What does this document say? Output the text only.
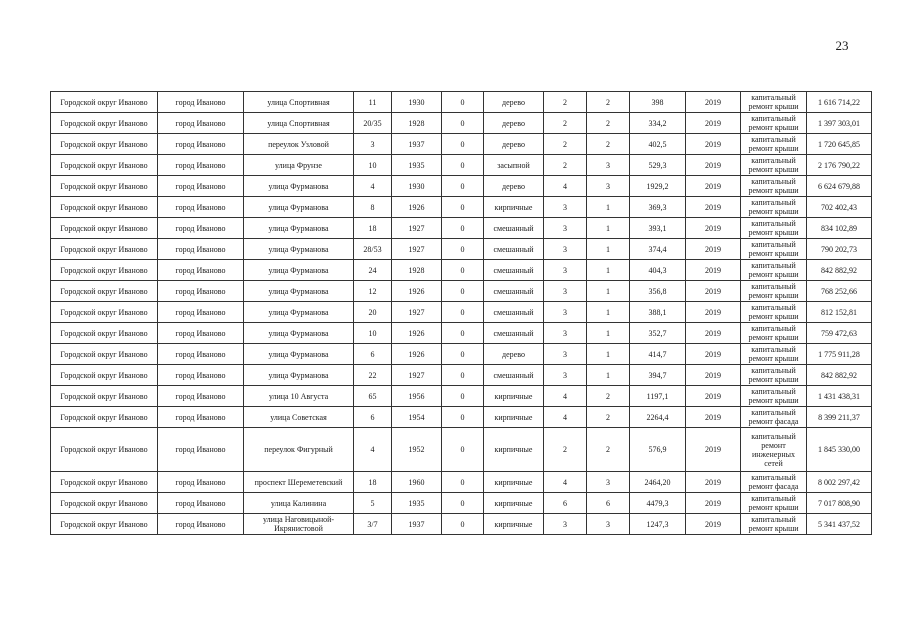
23
Городской округ Иваново	город Иваново	улица Спортивная	11	1930	0	дерево	2	2	398	2019	капитальный ремонт крыши	1 616 714,22
Городской округ Иваново	город Иваново	улица Спортивная	20/35	1928	0	дерево	2	2	334,2	2019	капитальный ремонт крыши	1 397 303,01
Городской округ Иваново	город Иваново	переулок Узловой	3	1937	0	дерево	2	2	402,5	2019	капитальный ремонт крыши	1 720 645,85
Городской округ Иваново	город Иваново	улица Фрунзе	10	1935	0	засыпной	2	3	529,3	2019	капитальный ремонт крыши	2 176 790,22
Городской округ Иваново	город Иваново	улица Фурманова	4	1930	0	дерево	4	3	1929,2	2019	капитальный ремонт крыши	6 624 679,88
Городской округ Иваново	город Иваново	улица Фурманова	8	1926	0	кирпичные	3	1	369,3	2019	капитальный ремонт крыши	702 402,43
Городской округ Иваново	город Иваново	улица Фурманова	18	1927	0	смешанный	3	1	393,1	2019	капитальный ремонт крыши	834 102,89
Городской округ Иваново	город Иваново	улица Фурманова	28/53	1927	0	смешанный	3	1	374,4	2019	капитальный ремонт крыши	790 202,73
Городской округ Иваново	город Иваново	улица Фурманова	24	1928	0	смешанный	3	1	404,3	2019	капитальный ремонт крыши	842 882,92
Городской округ Иваново	город Иваново	улица Фурманова	12	1926	0	смешанный	3	1	356,8	2019	капитальный ремонт крыши	768 252,66
Городской округ Иваново	город Иваново	улица Фурманова	20	1927	0	смешанный	3	1	388,1	2019	капитальный ремонт крыши	812 152,81
Городской округ Иваново	город Иваново	улица Фурманова	10	1926	0	смешанный	3	1	352,7	2019	капитальный ремонт крыши	759 472,63
Городской округ Иваново	город Иваново	улица Фурманова	6	1926	0	дерево	3	1	414,7	2019	капитальный ремонт крыши	1 775 911,28
Городской округ Иваново	город Иваново	улица Фурманова	22	1927	0	смешанный	3	1	394,7	2019	капитальный ремонт крыши	842 882,92
Городской округ Иваново	город Иваново	улица 10 Августа	65	1956	0	кирпичные	4	2	1197,1	2019	капитальный ремонт крыши	1 431 438,31
Городской округ Иваново	город Иваново	улица Советская	6	1954	0	кирпичные	4	2	2264,4	2019	капитальный ремонт фасада	8 399 211,37
Городской округ Иваново	город Иваново	переулок Фигурный	4	1952	0	кирпичные	2	2	576,9	2019	капитальный ремонт инженерных сетей	1 845 330,00
Городской округ Иваново	город Иваново	проспект Шереметевский	18	1960	0	кирпичные	4	3	2464,20	2019	капитальный ремонт фасада	8 002 297,42
Городской округ Иваново	город Иваново	улица Калинина	5	1935	0	кирпичные	6	6	4479,3	2019	капитальный ремонт крыши	7 017 808,90
Городской округ Иваново	город Иваново	улица Наговицыной-Икрянистовой	3/7	1937	0	кирпичные	3	3	1247,3	2019	капитальный ремонт крыши	5 341 437,52
